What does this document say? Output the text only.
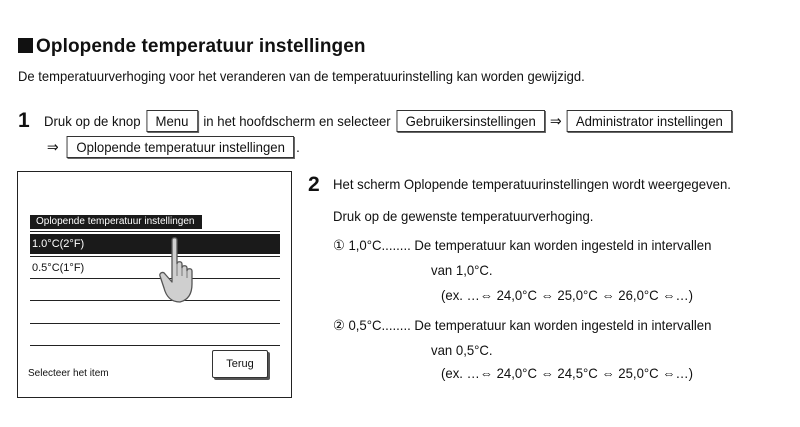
Oplopende temperatuur instellingen
De temperatuurverhoging voor het veranderen van de temperatuurinstelling kan worden gewijzigd.
1 Druk op de knop Menu in het hoofdscherm en selecteer Gebruikersinstellingen ⇒ Administrator instellingen
⇒ Oplopende temperatuur instellingen .
Oplopende temperatuur instellingen
1.0°C(2°F)
0.5°C(1°F)
Terug
Selecteer het item
2 Het scherm Oplopende temperatuurinstellingen wordt weergegeven.
Druk op de gewenste temperatuurverhoging.
① 1,0°C........ De temperatuur kan worden ingesteld in intervallen
van 1,0°C.
(ex. …⇔ 24,0°C ⇔ 25,0°C ⇔ 26,0°C ⇔…)
② 0,5°C........ De temperatuur kan worden ingesteld in intervallen
van 0,5°C.
(ex. …⇔ 24,0°C ⇔ 24,5°C ⇔ 25,0°C ⇔…)
